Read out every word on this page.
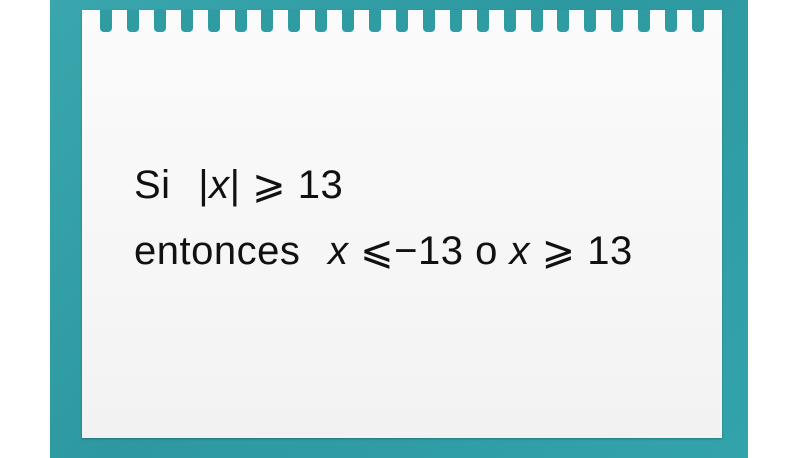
Si |x| ⩾ 13
entonces x ⩽−13 o x ⩾ 13
